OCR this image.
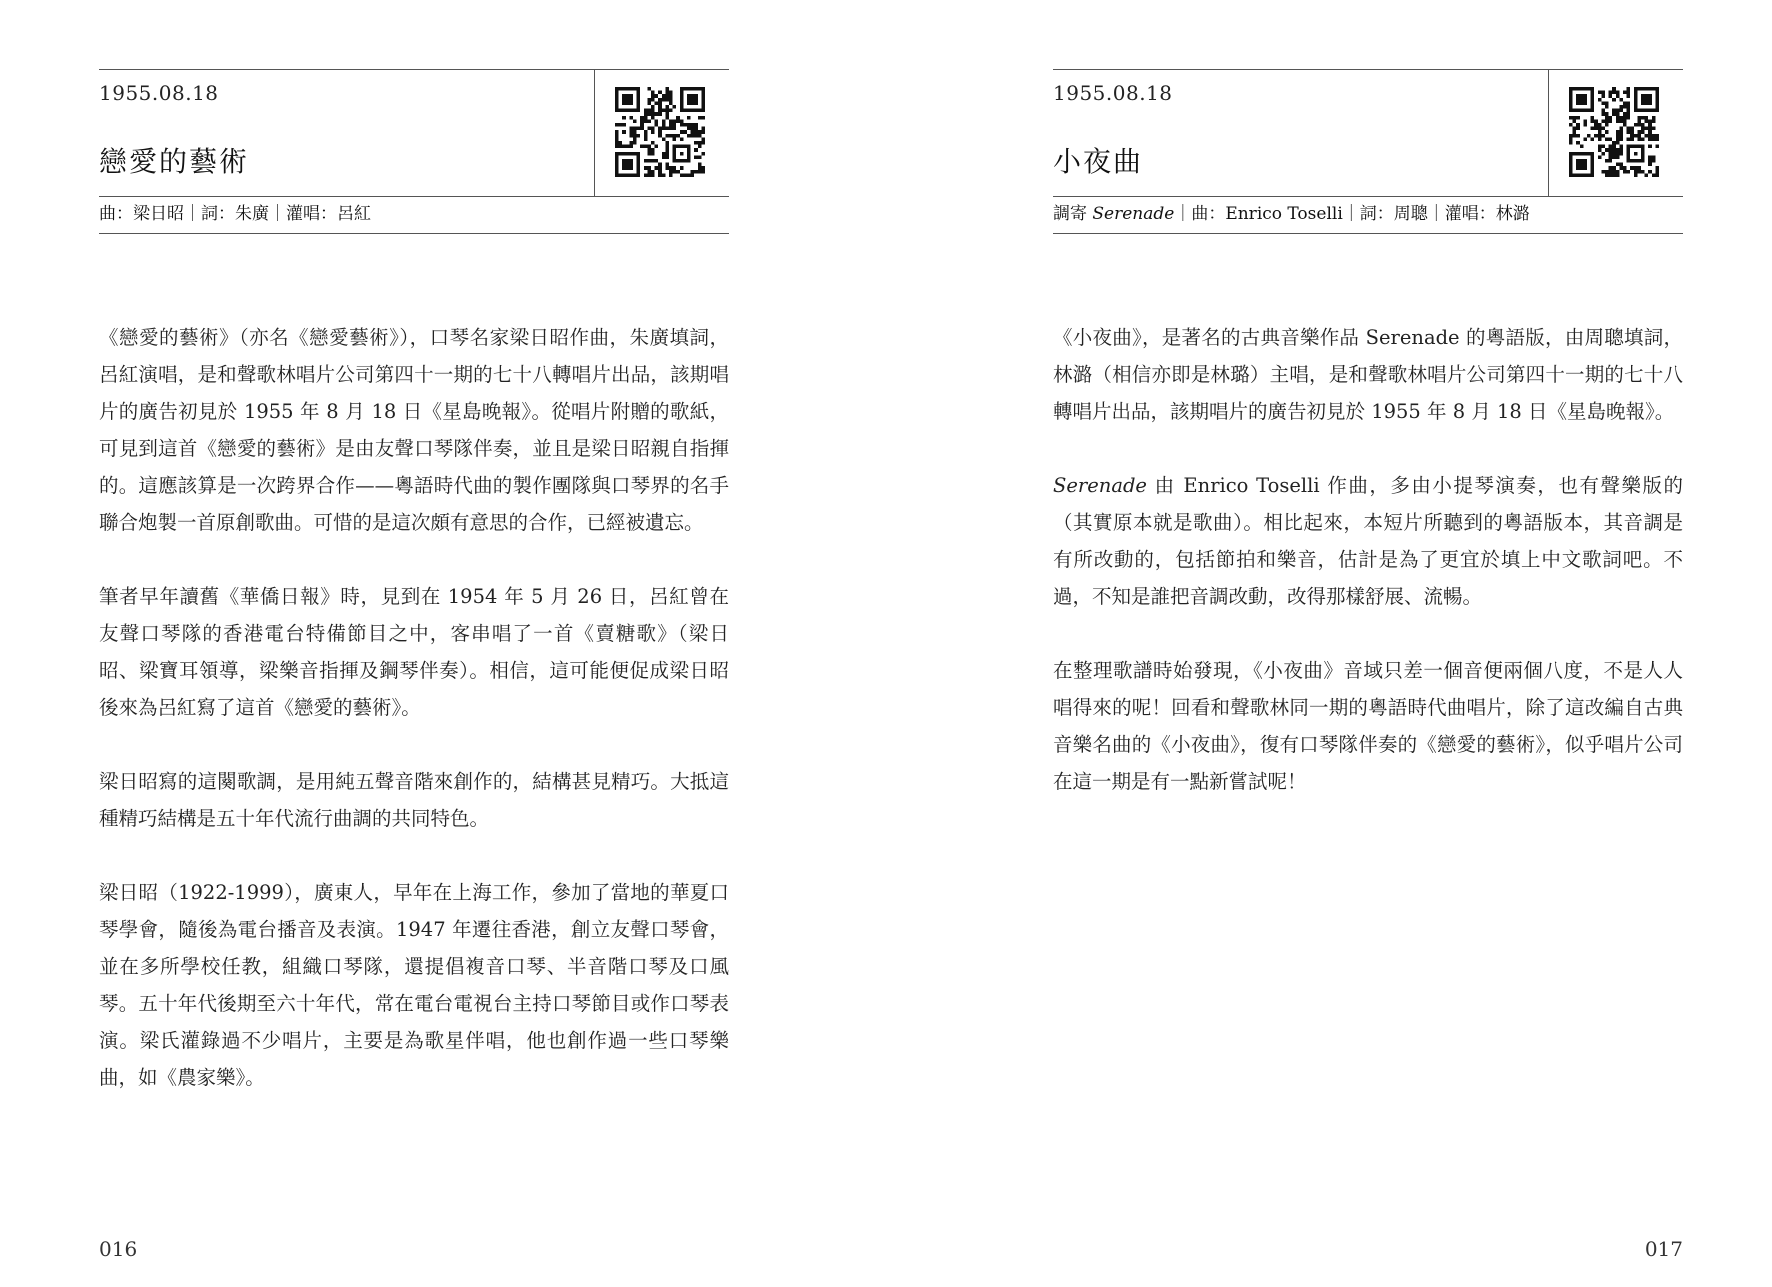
1955.08.18
戀愛的藝術
曲：梁日昭｜詞：朱廣｜灌唱：呂紅

《戀愛的藝術》（亦名《戀愛藝術》），口琴名家梁日昭作曲，朱廣填詞，呂紅演唱，是和聲歌林唱片公司第四十一期的七十八轉唱片出品，該期唱片的廣告初見於 1955 年 8 月 18 日《星島晚報》。從唱片附贈的歌紙，可見到這首《戀愛的藝術》是由友聲口琴隊伴奏，並且是梁日昭親自指揮的。這應該算是一次跨界合作——粵語時代曲的製作團隊與口琴界的名手聯合炮製一首原創歌曲。可惜的是這次頗有意思的合作，已經被遺忘。

筆者早年讀舊《華僑日報》時，見到在 1954 年 5 月 26 日，呂紅曾在友聲口琴隊的香港電台特備節目之中，客串唱了一首《賣糖歌》（梁日昭、梁寶耳領導，梁樂音指揮及鋼琴伴奏）。相信，這可能便促成梁日昭後來為呂紅寫了這首《戀愛的藝術》。

梁日昭寫的這闋歌調，是用純五聲音階來創作的，結構甚見精巧。大抵這種精巧結構是五十年代流行曲調的共同特色。

梁日昭（1922-1999），廣東人，早年在上海工作，參加了當地的華夏口琴學會，隨後為電台播音及表演。1947 年遷往香港，創立友聲口琴會，並在多所學校任教，組織口琴隊，還提倡複音口琴、半音階口琴及口風琴。五十年代後期至六十年代，常在電台電視台主持口琴節目或作口琴表演。梁氏灌錄過不少唱片，主要是為歌星伴唱，他也創作過一些口琴樂曲，如《農家樂》。

016
1955.08.18
小夜曲
調寄 Serenade｜曲：Enrico Toselli｜詞：周聰｜灌唱：林潞

《小夜曲》，是著名的古典音樂作品 Serenade 的粵語版，由周聰填詞，林潞（相信亦即是林璐）主唱，是和聲歌林唱片公司第四十一期的七十八轉唱片出品，該期唱片的廣告初見於 1955 年 8 月 18 日《星島晚報》。

Serenade 由 Enrico Toselli 作曲，多由小提琴演奏，也有聲樂版的（其實原本就是歌曲）。相比起來，本短片所聽到的粵語版本，其音調是有所改動的，包括節拍和樂音，估計是為了更宜於填上中文歌詞吧。不過，不知是誰把音調改動，改得那樣舒展、流暢。

在整理歌譜時始發現，《小夜曲》音域只差一個音便兩個八度，不是人人唱得來的呢！回看和聲歌林同一期的粵語時代曲唱片，除了這改編自古典音樂名曲的《小夜曲》，復有口琴隊伴奏的《戀愛的藝術》，似乎唱片公司在這一期是有一點新嘗試呢！

017
